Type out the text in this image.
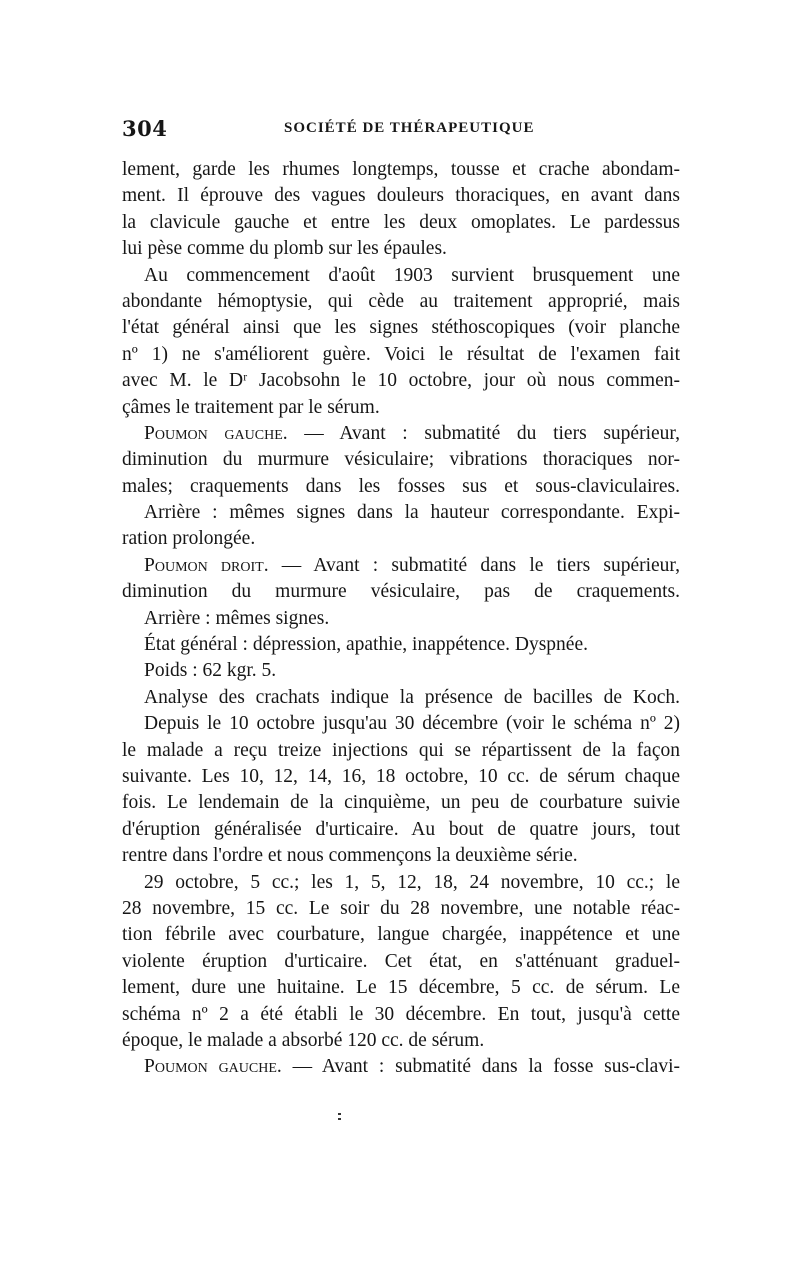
304	SOCIÉTÉ DE THÉRAPEUTIQUE
lement, garde les rhumes longtemps, tousse et crache abondam-
ment. Il éprouve des vagues douleurs thoraciques, en avant dans
la clavicule gauche et entre les deux omoplates. Le pardessus
lui pèse comme du plomb sur les épaules.
Au commencement d'août 1903 survient brusquement une
abondante hémoptysie, qui cède au traitement approprié, mais
l'état général ainsi que les signes stéthoscopiques (voir planche
nº 1) ne s'améliorent guère. Voici le résultat de l'examen fait
avec M. le Dʳ Jacobsohn le 10 octobre, jour où nous commen-
çâmes le traitement par le sérum.
Poumon gauche. — Avant : submatité du tiers supérieur,
diminution du murmure vésiculaire; vibrations thoraciques nor-
males; craquements dans les fosses sus et sous-claviculaires.
Arrière : mêmes signes dans la hauteur correspondante. Expi-
ration prolongée.
Poumon droit. — Avant : submatité dans le tiers supérieur,
diminution du murmure vésiculaire, pas de craquements.
Arrière : mêmes signes.
État général : dépression, apathie, inappétence. Dyspnée.
Poids : 62 kgr. 5.
Analyse des crachats indique la présence de bacilles de Koch.
Depuis le 10 octobre jusqu'au 30 décembre (voir le schéma nº 2)
le malade a reçu treize injections qui se répartissent de la façon
suivante. Les 10, 12, 14, 16, 18 octobre, 10 cc. de sérum chaque
fois. Le lendemain de la cinquième, un peu de courbature suivie
d'éruption généralisée d'urticaire. Au bout de quatre jours, tout
rentre dans l'ordre et nous commençons la deuxième série.
29 octobre, 5 cc.; les 1, 5, 12, 18, 24 novembre, 10 cc.; le
28 novembre, 15 cc. Le soir du 28 novembre, une notable réac-
tion fébrile avec courbature, langue chargée, inappétence et une
violente éruption d'urticaire. Cet état, en s'atténuant graduel-
lement, dure une huitaine. Le 15 décembre, 5 cc. de sérum. Le
schéma nº 2 a été établi le 30 décembre. En tout, jusqu'à cette
époque, le malade a absorbé 120 cc. de sérum.
Poumon gauche. — Avant : submatité dans la fosse sus-clavi-
